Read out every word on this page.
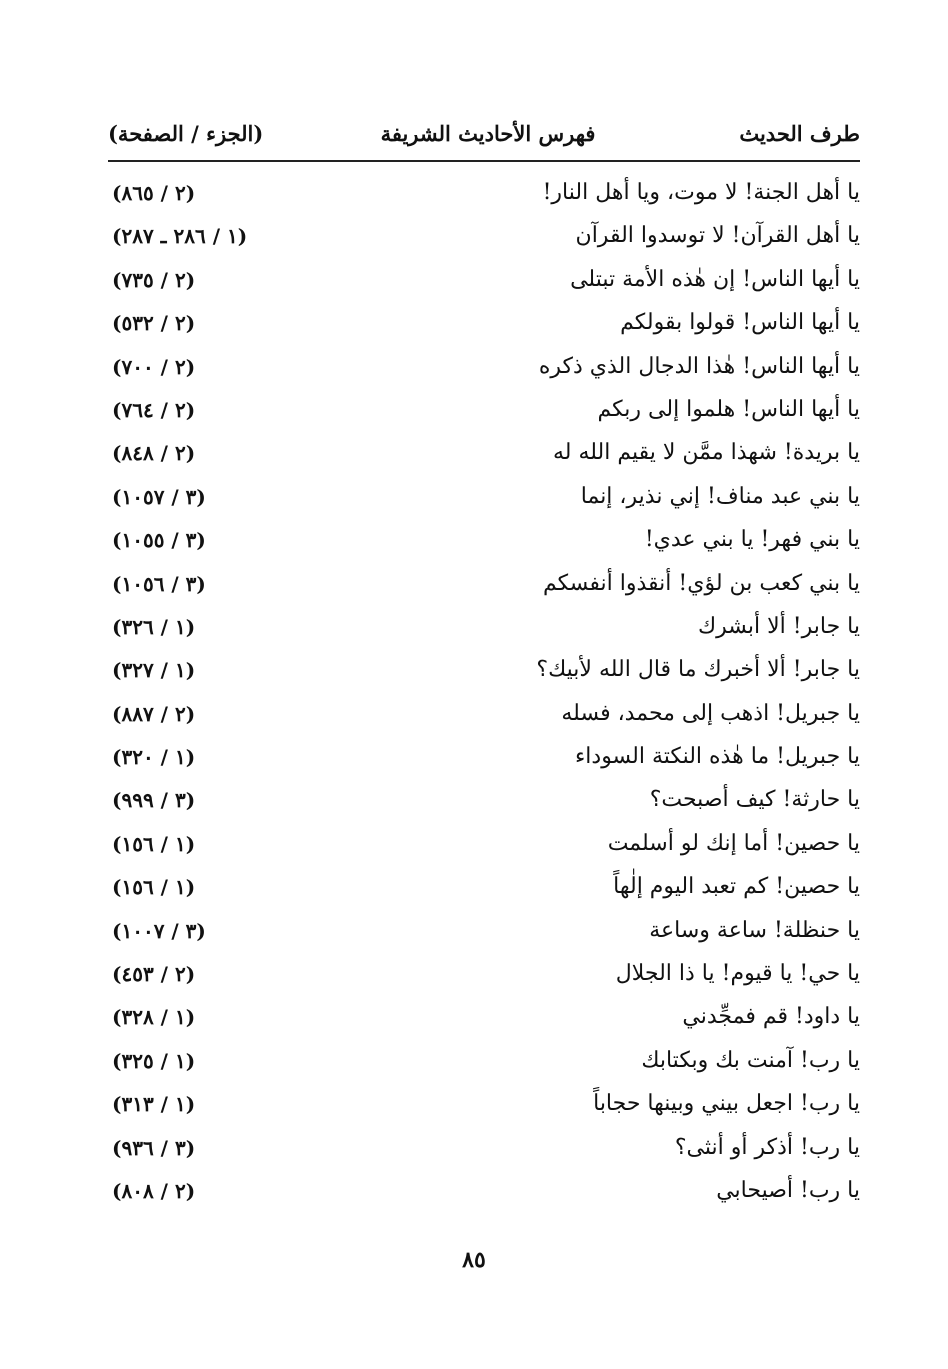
طرف الحديث
فهرس الأحاديث الشريفة
(الجزء / الصفحة)
يا أهل الجنة! لا موت، ويا أهل النار!
(٢ / ٨٦٥)
يا أهل القرآن! لا توسدوا القرآن
(١ / ٢٨٦ ـ ٢٨٧)
يا أيها الناس! إن هٰذه الأمة تبتلى
(٢ / ٧٣٥)
يا أيها الناس! قولوا بقولكم
(٢ / ٥٣٢)
يا أيها الناس! هٰذا الدجال الذي ذكره
(٢ / ٧٠٠)
يا أيها الناس! هلموا إلى ربكم
(٢ / ٧٦٤)
يا بريدة! شهذا ممَّن لا يقيم الله له
(٢ / ٨٤٨)
يا بني عبد مناف! إني نذير، إنما
(٣ / ١٠٥٧)
يا بني فهر! يا بني عدي!
(٣ / ١٠٥٥)
يا بني كعب بن لؤي! أنقذوا أنفسكم
(٣ / ١٠٥٦)
يا جابر! ألا أبشرك
(١ / ٣٢٦)
يا جابر! ألا أخبرك ما قال الله لأبيك؟
(١ / ٣٢٧)
يا جبريل! اذهب إلى محمد، فسله
(٢ / ٨٨٧)
يا جبريل! ما هٰذه النكتة السوداء
(١ / ٣٢٠)
يا حارثة! كيف أصبحت؟
(٣ / ٩٩٩)
يا حصين! أما إنك لو أسلمت
(١ / ١٥٦)
يا حصين! كم تعبد اليوم إلٰهاً
(١ / ١٥٦)
يا حنظلة! ساعة وساعة
(٣ / ١٠٠٧)
يا حي! يا قيوم! يا ذا الجلال
(٢ / ٤٥٣)
يا داود! قم فمجِّدني
(١ / ٣٢٨)
يا رب! آمنت بك وبكتابك
(١ / ٣٢٥)
يا رب! اجعل بيني وبينها حجاباً
(١ / ٣١٣)
يا رب! أذكر أو أنثى؟
(٣ / ٩٣٦)
يا رب! أصيحابي
(٢ / ٨٠٨)
٨٥
